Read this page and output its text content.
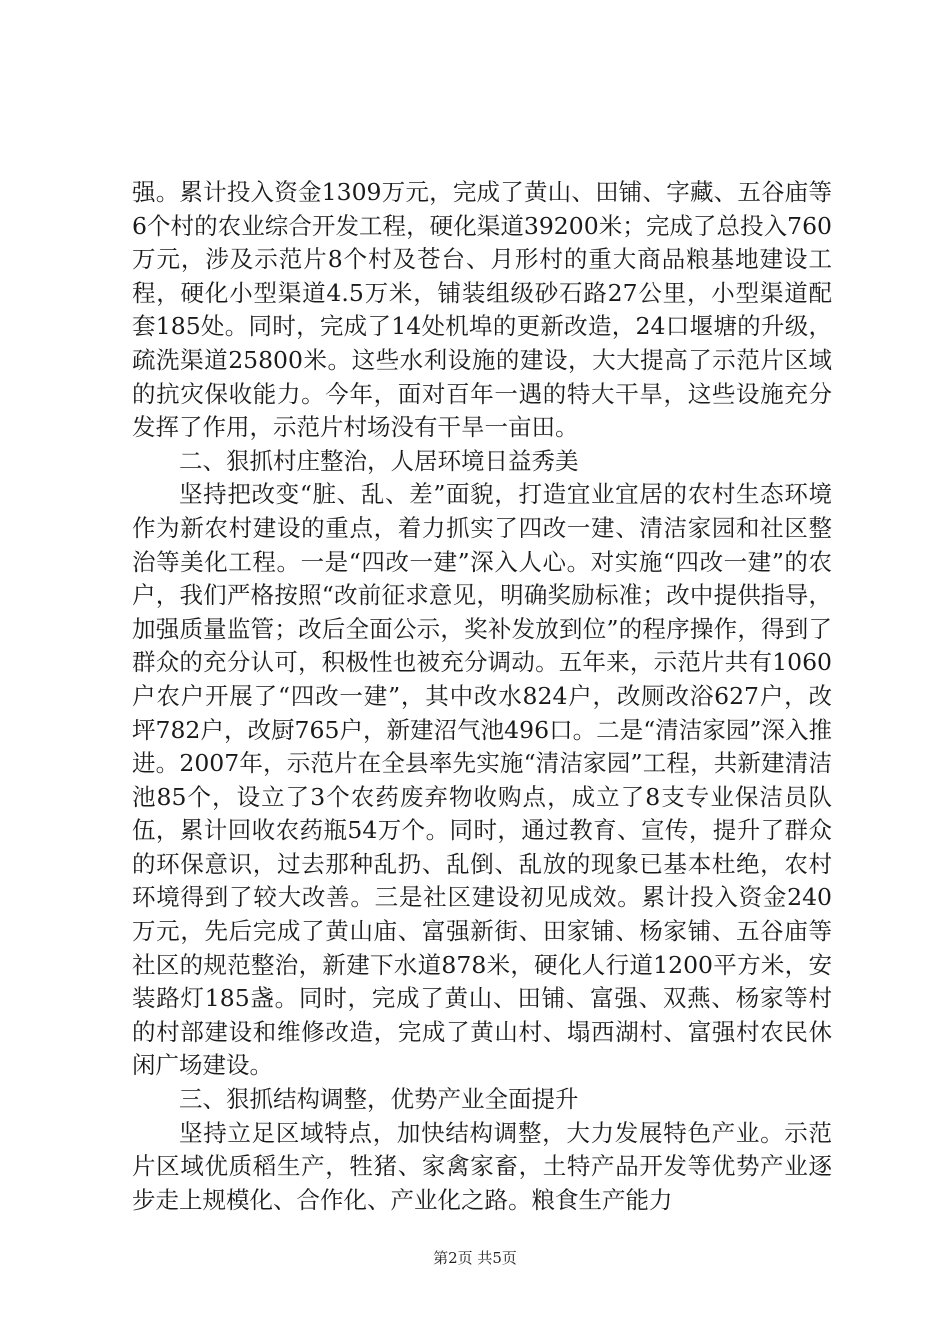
强。累计投入资金1309万元，完成了黄山、田铺、字藏、五谷庙等6个村的农业综合开发工程，硬化渠道39200米；完成了总投入760万元，涉及示范片8个村及苍台、月形村的重大商品粮基地建设工程，硬化小型渠道4.5万米，铺装组级砂石路27公里，小型渠道配套185处。同时，完成了14处机埠的更新改造，24口堰塘的升级，疏洗渠道25800米。这些水利设施的建设，大大提高了示范片区域的抗灾保收能力。今年，面对百年一遇的特大干旱，这些设施充分发挥了作用，示范片村场没有干旱一亩田。

二、狠抓村庄整治，人居环境日益秀美

坚持把改变“脏、乱、差”面貌，打造宜业宜居的农村生态环境作为新农村建设的重点，着力抓实了四改一建、清洁家园和社区整治等美化工程。一是“四改一建”深入人心。对实施“四改一建”的农户，我们严格按照“改前征求意见，明确奖励标准；改中提供指导，加强质量监管；改后全面公示，奖补发放到位”的程序操作，得到了群众的充分认可，积极性也被充分调动。五年来，示范片共有1060户农户开展了“四改一建”，其中改水824户，改厕改浴627户，改坪782户，改厨765户，新建沼气池496口。二是“清洁家园”深入推进。2007年，示范片在全县率先实施“清洁家园”工程，共新建清洁池85个，设立了3个农药废弃物收购点，成立了8支专业保洁员队伍，累计回收农药瓶54万个。同时，通过教育、宣传，提升了群众的环保意识，过去那种乱扔、乱倒、乱放的现象已基本杜绝，农村环境得到了较大改善。三是社区建设初见成效。累计投入资金240万元，先后完成了黄山庙、富强新街、田家铺、杨家铺、五谷庙等社区的规范整治，新建下水道878米，硬化人行道1200平方米，安装路灯185盏。同时，完成了黄山、田铺、富强、双燕、杨家等村的村部建设和维修改造，完成了黄山村、塌西湖村、富强村农民休闲广场建设。

三、狠抓结构调整，优势产业全面提升

坚持立足区域特点，加快结构调整，大力发展特色产业。示范片区域优质稻生产，牲猪、家禽家畜，土特产品开发等优势产业逐步走上规模化、合作化、产业化之路。粮食生产能力

第2页 共5页
